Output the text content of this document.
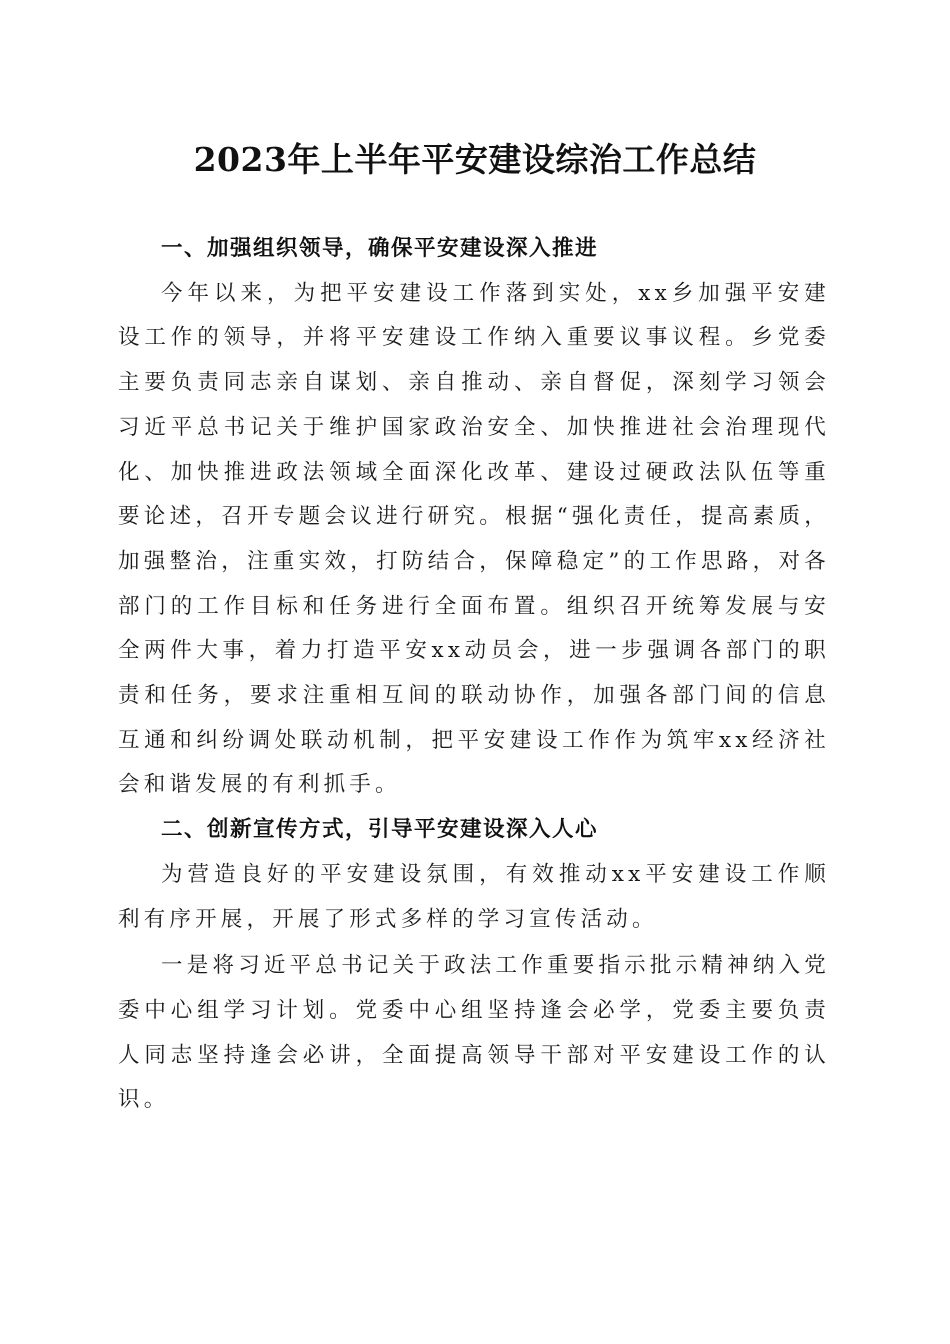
2023年上半年平安建设综治工作总结
一、加强组织领导，确保平安建设深入推进

今年以来，为把平安建设工作落到实处，xx乡加强平安建设工作的领导，并将平安建设工作纳入重要议事议程。乡党委主要负责同志亲自谋划、亲自推动、亲自督促，深刻学习领会习近平总书记关于维护国家政治安全、加快推进社会治理现代化、加快推进政法领域全面深化改革、建设过硬政法队伍等重要论述，召开专题会议进行研究。根据“强化责任，提高素质，加强整治，注重实效，打防结合，保障稳定”的工作思路，对各部门的工作目标和任务进行全面布置。组织召开统筹发展与安全两件大事，着力打造平安xx动员会，进一步强调各部门的职责和任务，要求注重相互间的联动协作，加强各部门间的信息互通和纠纷调处联动机制，把平安建设工作作为筑牢xx经济社会和谐发展的有利抓手。

二、创新宣传方式，引导平安建设深入人心

为营造良好的平安建设氛围，有效推动xx平安建设工作顺利有序开展，开展了形式多样的学习宣传活动。

一是将习近平总书记关于政法工作重要指示批示精神纳入党委中心组学习计划。党委中心组坚持逢会必学，党委主要负责人同志坚持逢会必讲，全面提高领导干部对平安建设工作的认识。
